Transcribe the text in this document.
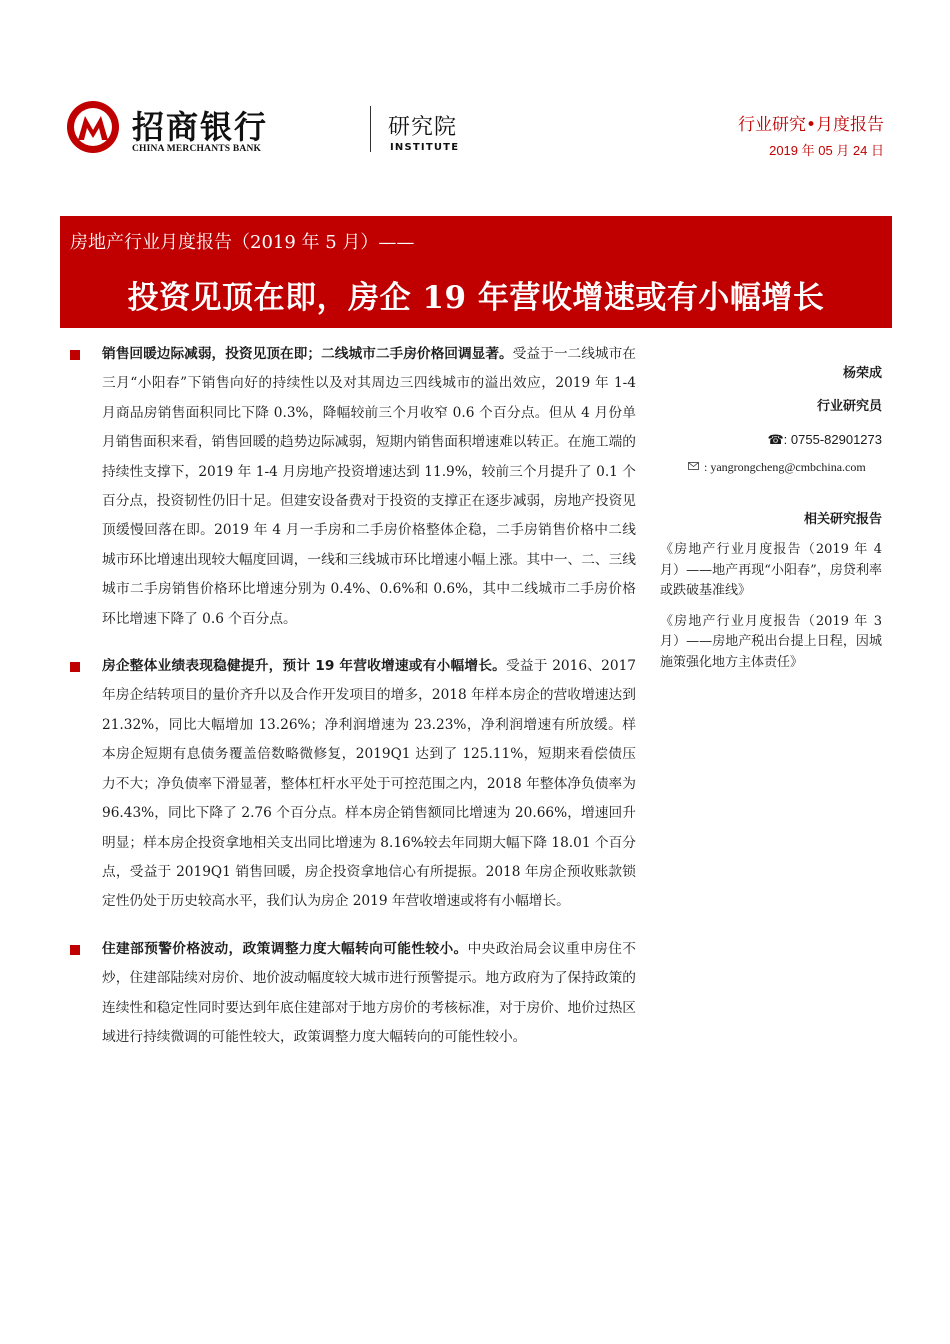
招商银行
CHINA MERCHANTS BANK
研究院
INSTITUTE
行业研究•月度报告
2019 年 05 月 24 日
房地产行业月度报告（2019 年 5 月）——
投资见顶在即，房企 19 年营收增速或有小幅增长

销售回暖边际减弱，投资见顶在即；二线城市二手房价格回调显著。受益于一二线城市在三月“小阳春”下销售向好的持续性以及对其周边三四线城市的溢出效应，2019 年 1-4 月商品房销售面积同比下降 0.3%，降幅较前三个月收窄 0.6 个百分点。但从 4 月份单月销售面积来看，销售回暖的趋势边际减弱，短期内销售面积增速难以转正。在施工端的持续性支撑下，2019 年 1-4 月房地产投资增速达到 11.9%，较前三个月提升了 0.1 个百分点，投资韧性仍旧十足。但建安设备费对于投资的支撑正在逐步减弱，房地产投资见顶缓慢回落在即。2019 年 4 月一手房和二手房价格整体企稳，二手房销售价格中二线城市环比增速出现较大幅度回调，一线和三线城市环比增速小幅上涨。其中一、二、三线城市二手房销售价格环比增速分别为 0.4%、0.6%和 0.6%，其中二线城市二手房价格环比增速下降了 0.6 个百分点。

房企整体业绩表现稳健提升，预计 19 年营收增速或有小幅增长。受益于 2016、2017 年房企结转项目的量价齐升以及合作开发项目的增多，2018 年样本房企的营收增速达到 21.32%，同比大幅增加 13.26%；净利润增速为 23.23%，净利润增速有所放缓。样本房企短期有息债务覆盖倍数略微修复，2019Q1 达到了 125.11%，短期来看偿债压力不大；净负债率下滑显著，整体杠杆水平处于可控范围之内，2018 年整体净负债率为 96.43%，同比下降了 2.76 个百分点。样本房企销售额同比增速为 20.66%，增速回升明显；样本房企投资拿地相关支出同比增速为 8.16%较去年同期大幅下降 18.01 个百分点，受益于 2019Q1 销售回暖，房企投资拿地信心有所提振。2018 年房企预收账款锁定性仍处于历史较高水平，我们认为房企 2019 年营收增速或将有小幅增长。

住建部预警价格波动，政策调整力度大幅转向可能性较小。中央政治局会议重申房住不炒，住建部陆续对房价、地价波动幅度较大城市进行预警提示。地方政府为了保持政策的连续性和稳定性同时要达到年底住建部对于地方房价的考核标准，对于房价、地价过热区域进行持续微调的可能性较大，政策调整力度大幅转向的可能性较小。

杨荣成
行业研究员
☎: 0755-82901273
: yangrongcheng@cmbchina.com
相关研究报告
《房地产行业月度报告（2019 年 4 月）——地产再现“小阳春”，房贷利率或跌破基准线》
《房地产行业月度报告（2019 年 3 月）——房地产税出台提上日程，因城施策强化地方主体责任》
